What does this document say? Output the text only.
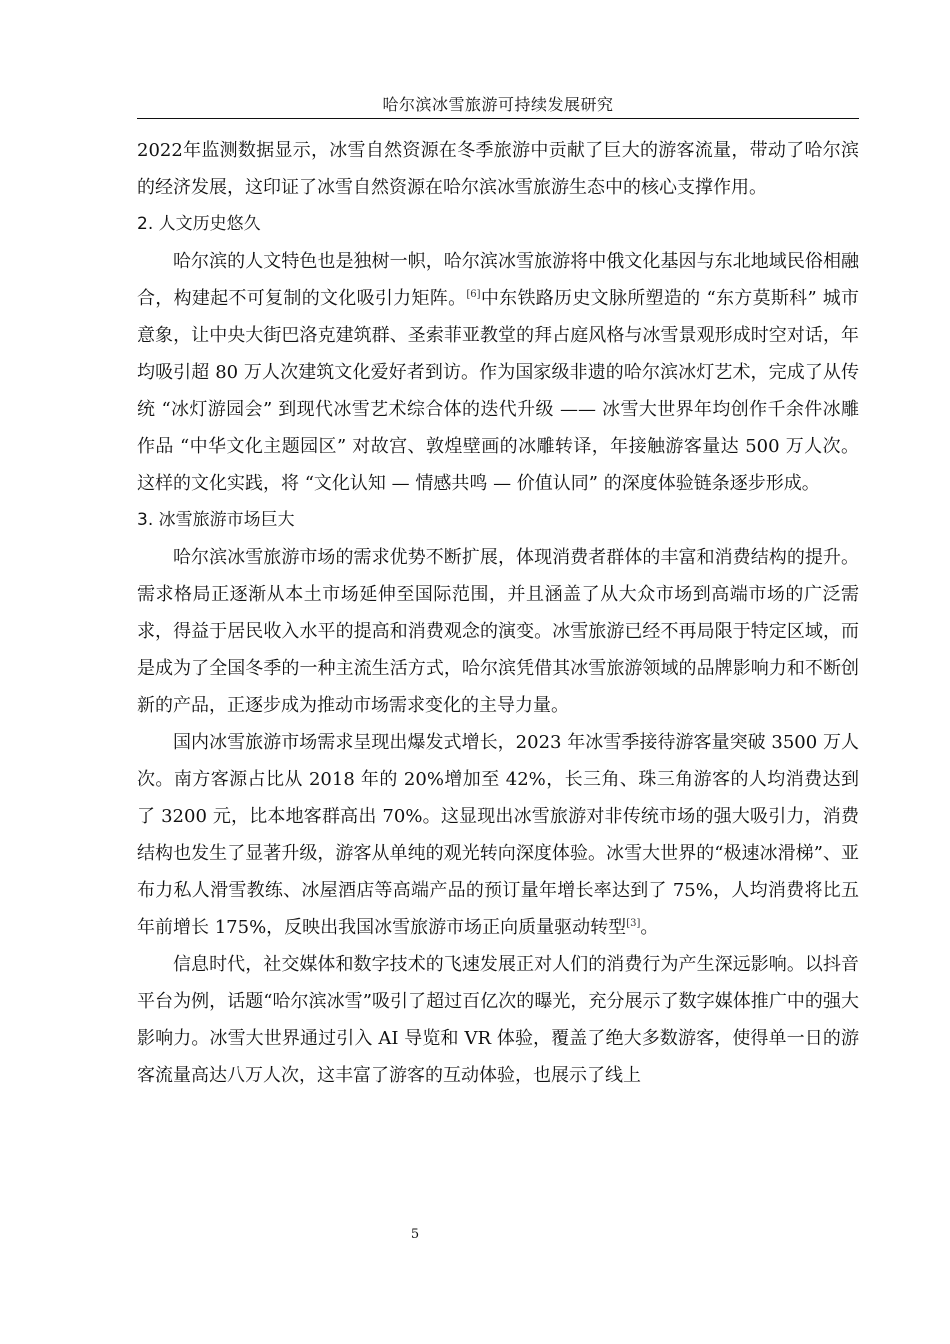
哈尔滨冰雪旅游可持续发展研究

2022年监测数据显示，冰雪自然资源在冬季旅游中贡献了巨大的游客流量，带动了哈尔滨的经济发展，这印证了冰雪自然资源在哈尔滨冰雪旅游生态中的核心支撑作用。

2. 人文历史悠久

哈尔滨的人文特色也是独树一帜，哈尔滨冰雪旅游将中俄文化基因与东北地域民俗相融合，构建起不可复制的文化吸引力矩阵。[6]中东铁路历史文脉所塑造的 “东方莫斯科” 城市意象，让中央大街巴洛克建筑群、圣索菲亚教堂的拜占庭风格与冰雪景观形成时空对话，年均吸引超 80 万人次建筑文化爱好者到访。作为国家级非遗的哈尔滨冰灯艺术，完成了从传统 “冰灯游园会” 到现代冰雪艺术综合体的迭代升级 —— 冰雪大世界年均创作千余件冰雕作品 “中华文化主题园区” 对故宫、敦煌壁画的冰雕转译，年接触游客量达 500 万人次。这样的文化实践，将 “文化认知 — 情感共鸣 — 价值认同” 的深度体验链条逐步形成。

3. 冰雪旅游市场巨大

哈尔滨冰雪旅游市场的需求优势不断扩展，体现消费者群体的丰富和消费结构的提升。需求格局正逐渐从本土市场延伸至国际范围，并且涵盖了从大众市场到高端市场的广泛需求，得益于居民收入水平的提高和消费观念的演变。冰雪旅游已经不再局限于特定区域，而是成为了全国冬季的一种主流生活方式，哈尔滨凭借其冰雪旅游领域的品牌影响力和不断创新的产品，正逐步成为推动市场需求变化的主导力量。

国内冰雪旅游市场需求呈现出爆发式增长，2023 年冰雪季接待游客量突破 3500 万人次。南方客源占比从 2018 年的 20%增加至 42%，长三角、珠三角游客的人均消费达到了 3200 元，比本地客群高出 70%。这显现出冰雪旅游对非传统市场的强大吸引力，消费结构也发生了显著升级，游客从单纯的观光转向深度体验。冰雪大世界的“极速冰滑梯”、亚布力私人滑雪教练、冰屋酒店等高端产品的预订量年增长率达到了 75%，人均消费将比五年前增长 175%，反映出我国冰雪旅游市场正向质量驱动转型[3]。

信息时代，社交媒体和数字技术的飞速发展正对人们的消费行为产生深远影响。以抖音平台为例，话题“哈尔滨冰雪”吸引了超过百亿次的曝光，充分展示了数字媒体推广中的强大影响力。冰雪大世界通过引入 AI 导览和 VR 体验，覆盖了绝大多数游客，使得单一日的游客流量高达八万人次，这丰富了游客的互动体验，也展示了线上

5
